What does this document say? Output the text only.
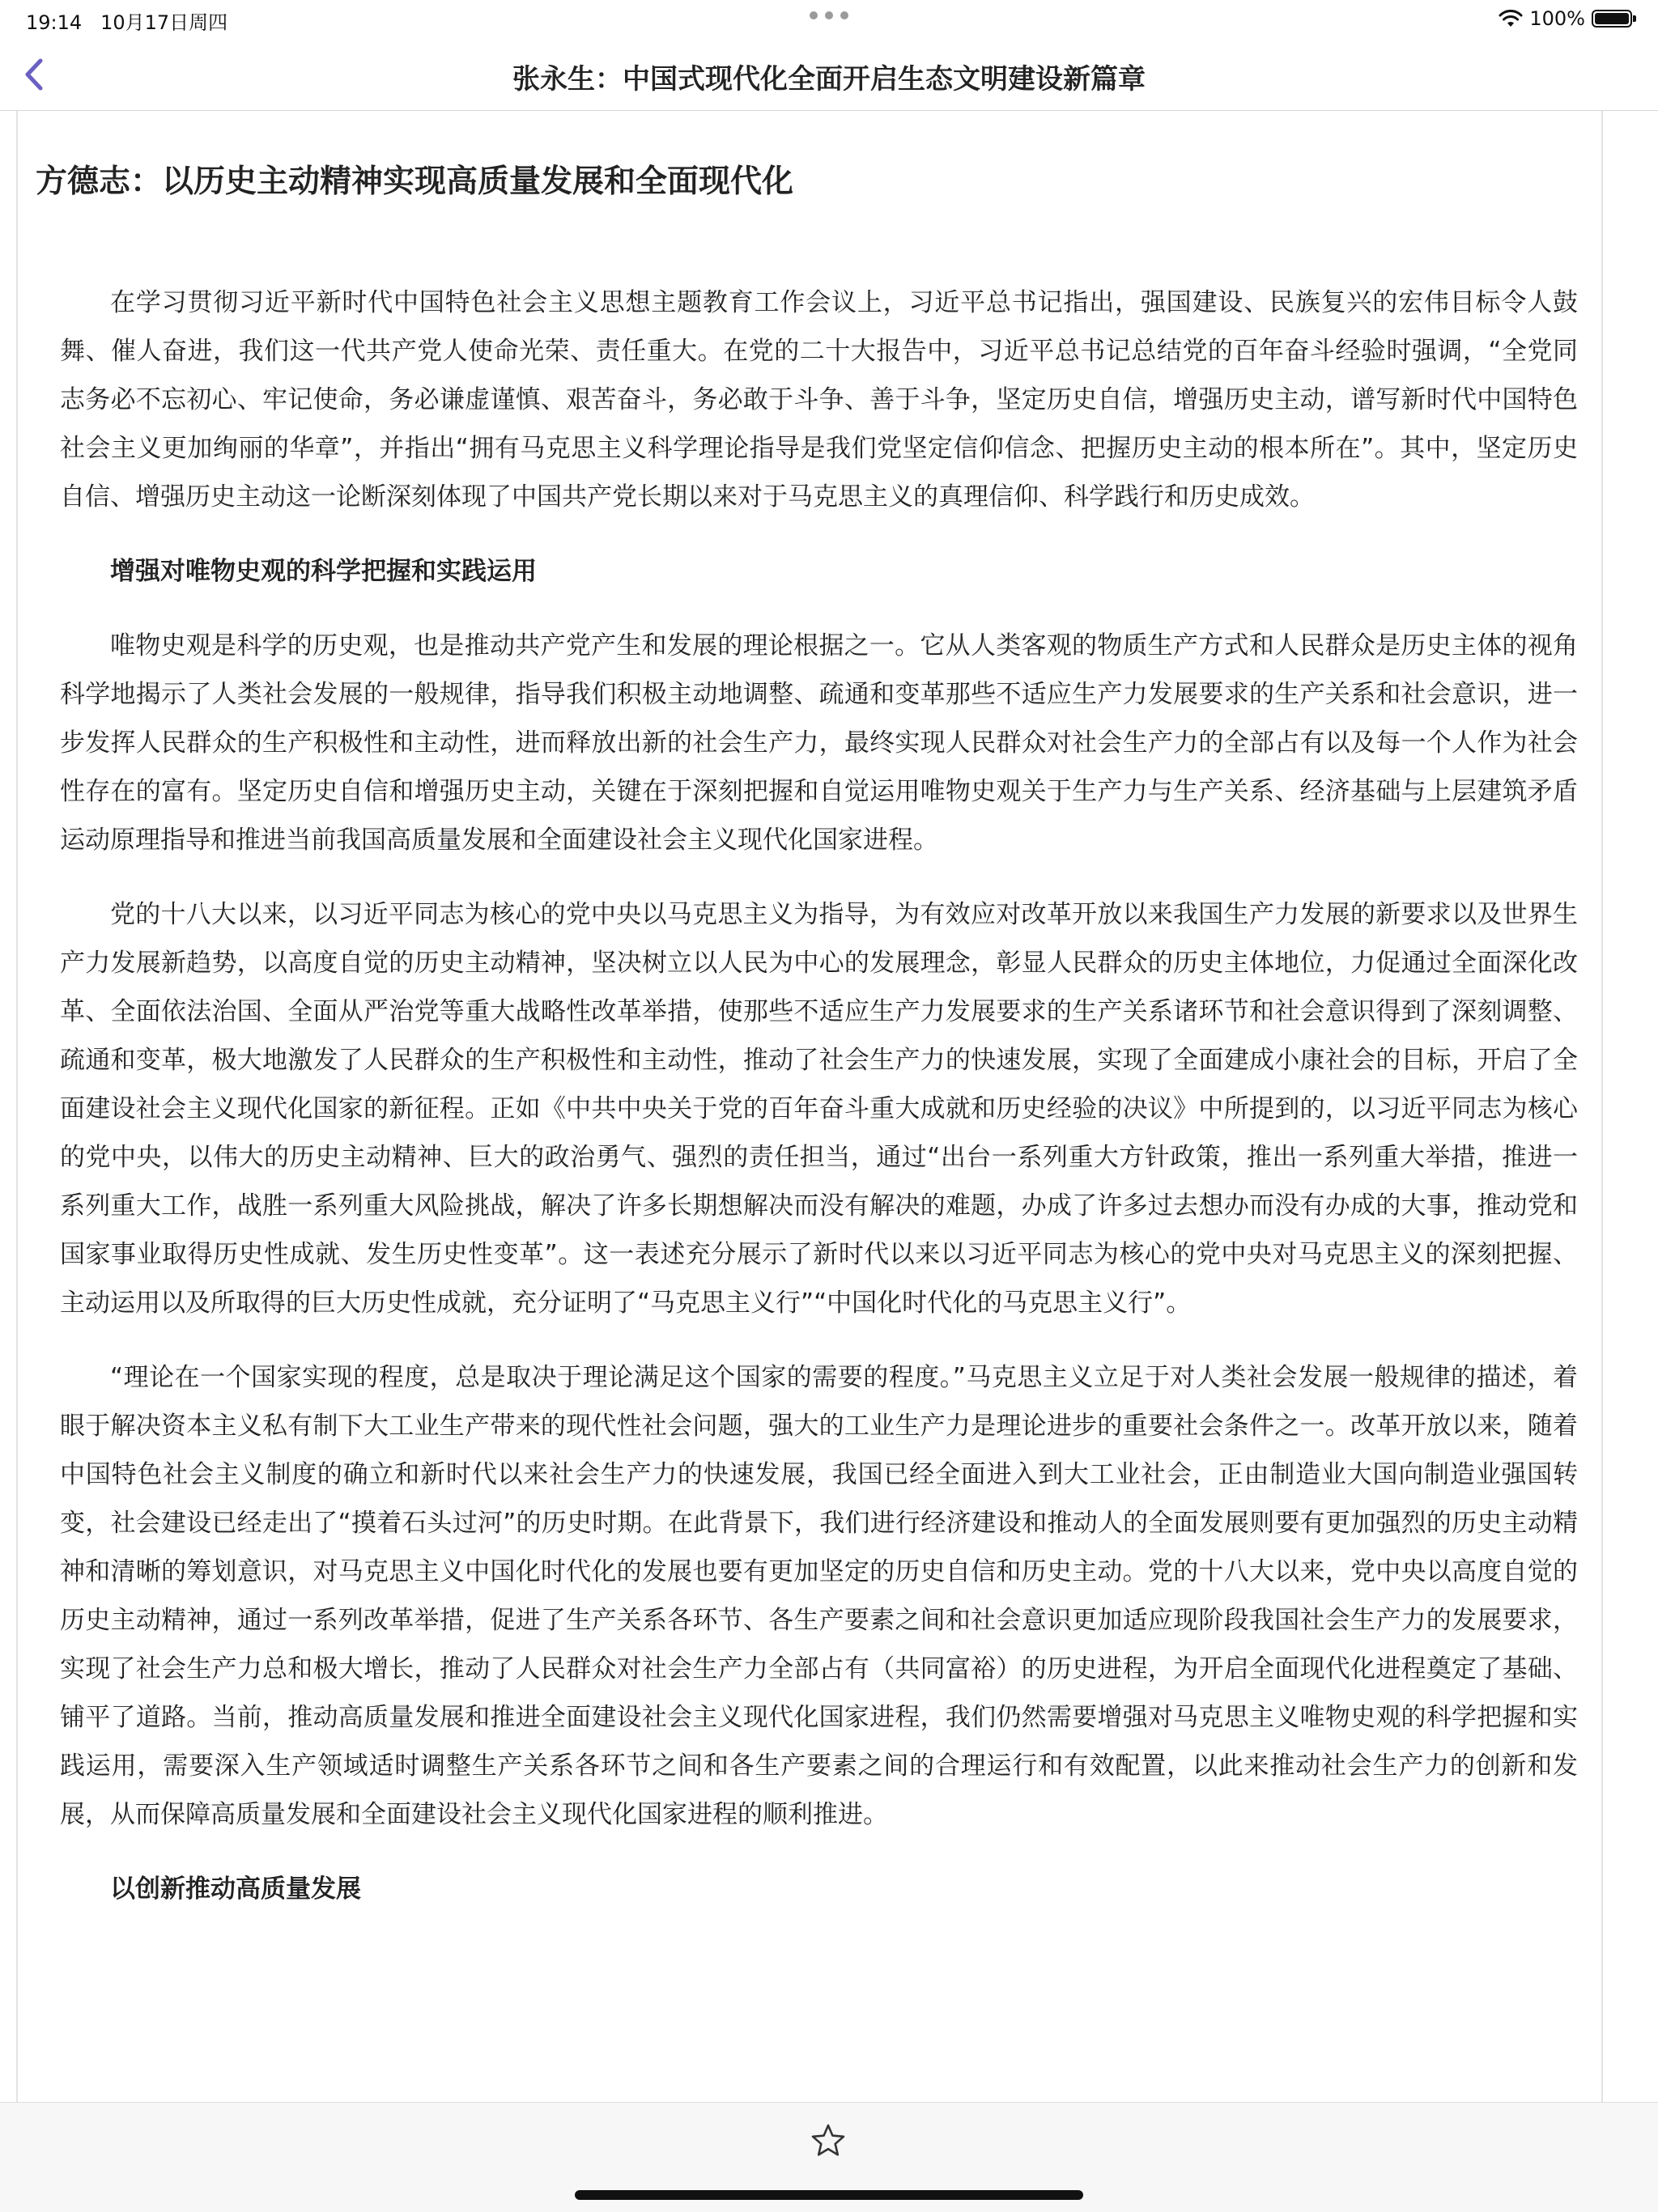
19:14 10月17日周四	100%
张永生：中国式现代化全面开启生态文明建设新篇章
方德志：以历史主动精神实现高质量发展和全面现代化

在学习贯彻习近平新时代中国特色社会主义思想主题教育工作会议上，习近平总书记指出，强国建设、民族复兴的宏伟目标令人鼓舞、催人奋进，我们这一代共产党人使命光荣、责任重大。在党的二十大报告中，习近平总书记总结党的百年奋斗经验时强调，“全党同志务必不忘初心、牢记使命，务必谦虚谨慎、艰苦奋斗，务必敢于斗争、善于斗争，坚定历史自信，增强历史主动，谱写新时代中国特色社会主义更加绚丽的华章”，并指出“拥有马克思主义科学理论指导是我们党坚定信仰信念、把握历史主动的根本所在”。其中，坚定历史自信、增强历史主动这一论断深刻体现了中国共产党长期以来对于马克思主义的真理信仰、科学践行和历史成效。

增强对唯物史观的科学把握和实践运用

唯物史观是科学的历史观，也是推动共产党产生和发展的理论根据之一。它从人类客观的物质生产方式和人民群众是历史主体的视角科学地揭示了人类社会发展的一般规律，指导我们积极主动地调整、疏通和变革那些不适应生产力发展要求的生产关系和社会意识，进一步发挥人民群众的生产积极性和主动性，进而释放出新的社会生产力，最终实现人民群众对社会生产力的全部占有以及每一个人作为社会性存在的富有。坚定历史自信和增强历史主动，关键在于深刻把握和自觉运用唯物史观关于生产力与生产关系、经济基础与上层建筑矛盾运动原理指导和推进当前我国高质量发展和全面建设社会主义现代化国家进程。

党的十八大以来，以习近平同志为核心的党中央以马克思主义为指导，为有效应对改革开放以来我国生产力发展的新要求以及世界生产力发展新趋势，以高度自觉的历史主动精神，坚决树立以人民为中心的发展理念，彰显人民群众的历史主体地位，力促通过全面深化改革、全面依法治国、全面从严治党等重大战略性改革举措，使那些不适应生产力发展要求的生产关系诸环节和社会意识得到了深刻调整、疏通和变革，极大地激发了人民群众的生产积极性和主动性，推动了社会生产力的快速发展，实现了全面建成小康社会的目标，开启了全面建设社会主义现代化国家的新征程。正如《中共中央关于党的百年奋斗重大成就和历史经验的决议》中所提到的，以习近平同志为核心的党中央，以伟大的历史主动精神、巨大的政治勇气、强烈的责任担当，通过“出台一系列重大方针政策，推出一系列重大举措，推进一系列重大工作，战胜一系列重大风险挑战，解决了许多长期想解决而没有解决的难题，办成了许多过去想办而没有办成的大事，推动党和国家事业取得历史性成就、发生历史性变革”。这一表述充分展示了新时代以来以习近平同志为核心的党中央对马克思主义的深刻把握、主动运用以及所取得的巨大历史性成就，充分证明了“马克思主义行”“中国化时代化的马克思主义行”。

“理论在一个国家实现的程度，总是取决于理论满足这个国家的需要的程度。”马克思主义立足于对人类社会发展一般规律的描述，着眼于解决资本主义私有制下大工业生产带来的现代性社会问题，强大的工业生产力是理论进步的重要社会条件之一。改革开放以来，随着中国特色社会主义制度的确立和新时代以来社会生产力的快速发展，我国已经全面进入到大工业社会，正由制造业大国向制造业强国转变，社会建设已经走出了“摸着石头过河”的历史时期。在此背景下，我们进行经济建设和推动人的全面发展则要有更加强烈的历史主动精神和清晰的筹划意识，对马克思主义中国化时代化的发展也要有更加坚定的历史自信和历史主动。党的十八大以来，党中央以高度自觉的历史主动精神，通过一系列改革举措，促进了生产关系各环节、各生产要素之间和社会意识更加适应现阶段我国社会生产力的发展要求，实现了社会生产力总和极大增长，推动了人民群众对社会生产力全部占有（共同富裕）的历史进程，为开启全面现代化进程奠定了基础、铺平了道路。当前，推动高质量发展和推进全面建设社会主义现代化国家进程，我们仍然需要增强对马克思主义唯物史观的科学把握和实践运用，需要深入生产领域适时调整生产关系各环节之间和各生产要素之间的合理运行和有效配置，以此来推动社会生产力的创新和发展，从而保障高质量发展和全面建设社会主义现代化国家进程的顺利推进。

以创新推动高质量发展
